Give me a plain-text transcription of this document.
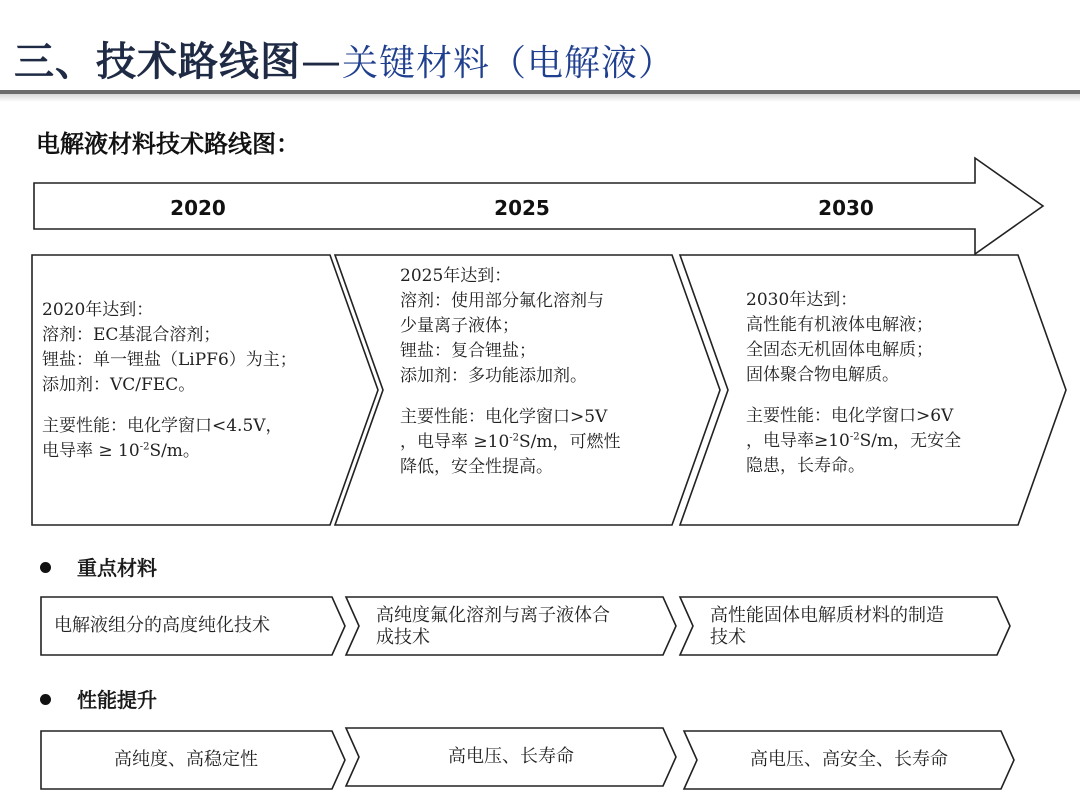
三、技术路线图—关键材料（电解液）
电解液材料技术路线图：
2020	2025	2030

2020年达到：

溶剂：EC基混合溶剂；

锂盐：单一锂盐（LiPF6）为主；

添加剂：VC/FEC。

主要性能：电化学窗口<4.5V，

电导率 ≥ $10^{-2}S/m$。

2025年达到：

溶剂：使用部分氟化溶剂与

少量离子液体；

锂盐：复合锂盐；

添加剂：多功能添加剂。

主要性能：电化学窗口>5V

，电导率 $\ge 10^{-2}S/m$，可燃性

降低，安全性提高。

2030年达到：

高性能有机液体电解液；

全固态无机固体电解质；

固体聚合物电解质。

主要性能：电化学窗口>6V

，电导率$\ge 10^{-2}S/m$，无安全

隐患，长寿命。

重点材料
电解液组分的高度纯化技术	高纯度氟化溶剂与离子液体合
成技术
高性能固体电解质材料的制造
技术
性能提升
高纯度、高稳定性	高电压、长寿命	高电压、高安全、长寿命
